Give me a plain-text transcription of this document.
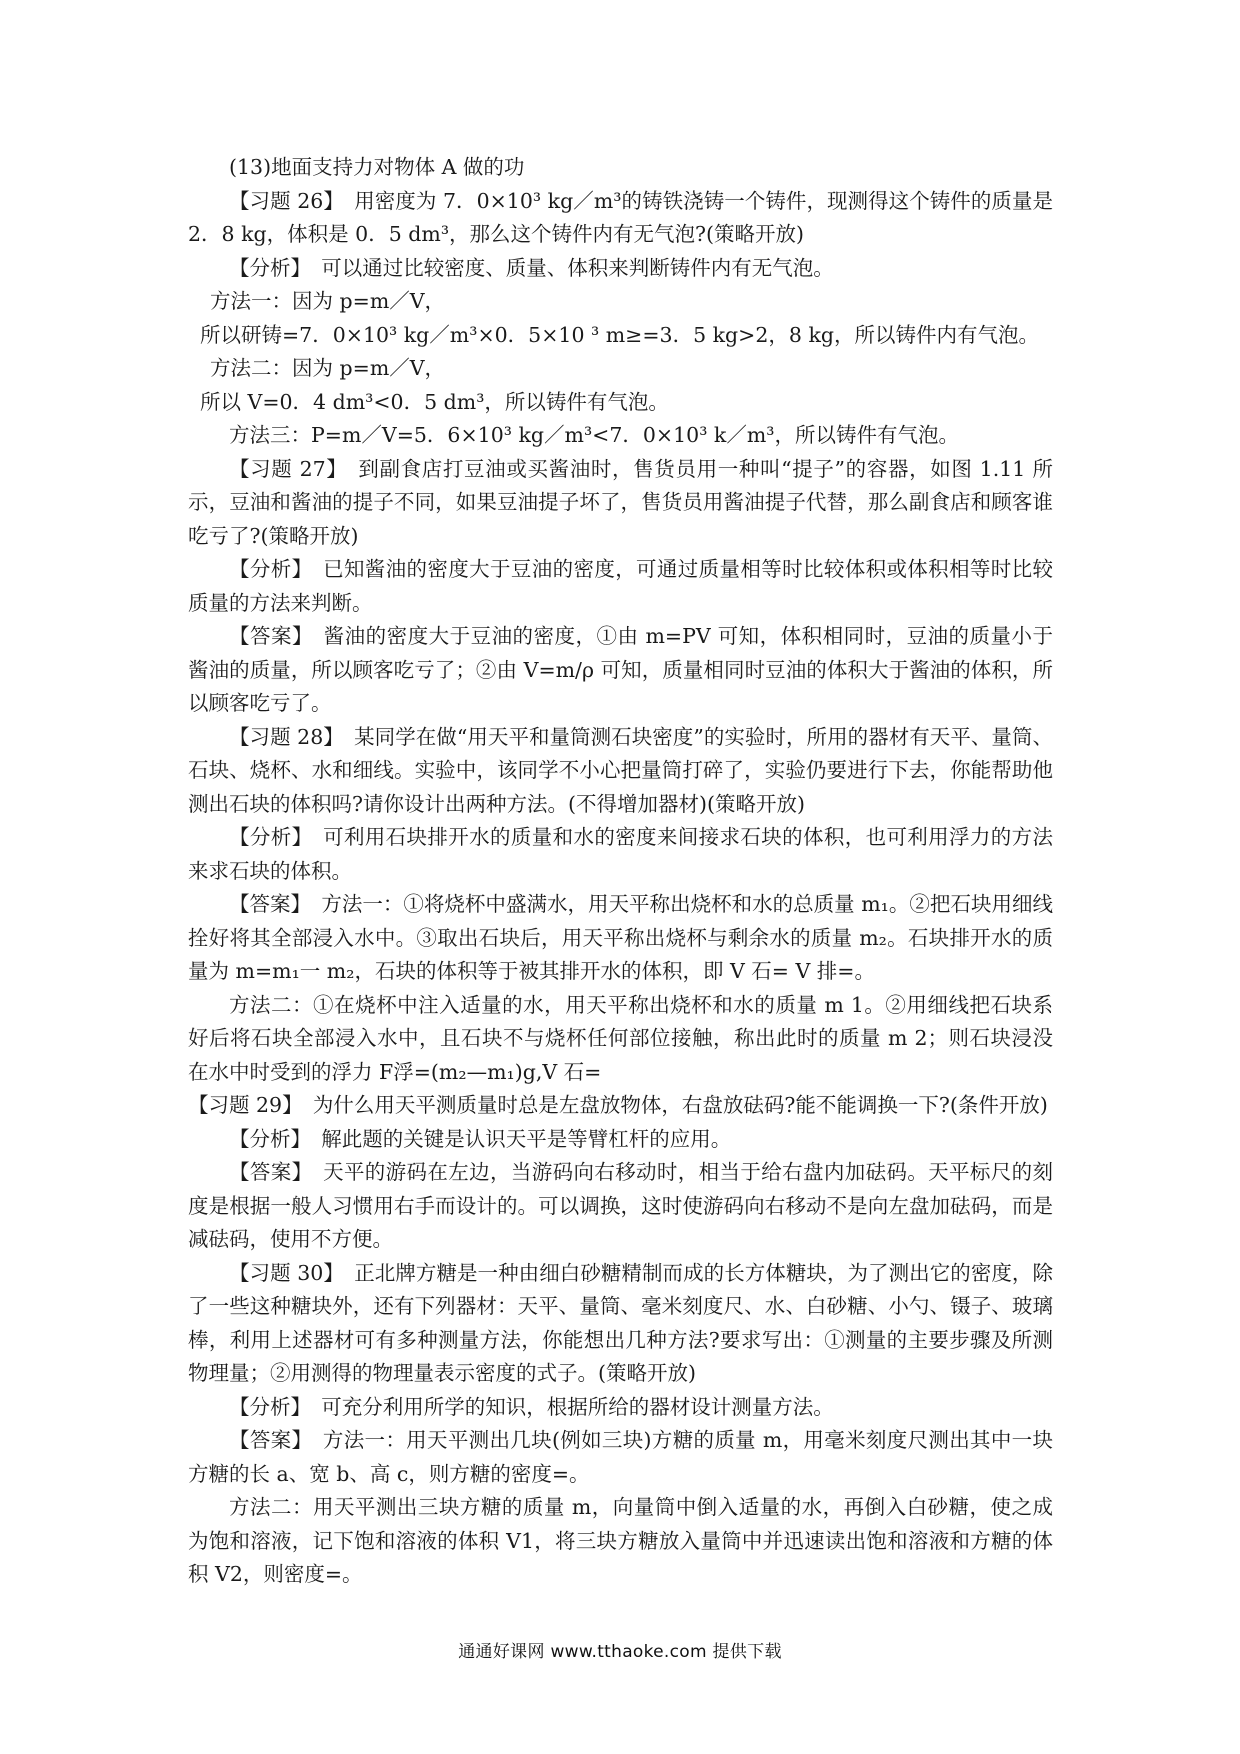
(13)地面支持力对物体 A 做的功

【习题 26】　用密度为 7．0×10³ kg／m³的铸铁浇铸一个铸件，现测得这个铸件的质量是 2．8 kg，体积是 0．5 dm³，那么这个铸件内有无气泡?(策略开放)

【分析】　可以通过比较密度、质量、体积来判断铸件内有无气泡。

方法一：因为 p=m／V，

所以研铸=7．0×10³ kg／m³×0．5×10 ³ m≥=3．5 kg>2，8 kg，所以铸件内有气泡。

方法二：因为 p=m／V，

所以 V=0．4 dm³<0．5 dm³，所以铸件有气泡。

方法三：P=m／V=5．6×10³ kg／m³<7．0×10³ k／m³，所以铸件有气泡。

【习题 27】　到副食店打豆油或买酱油时，售货员用一种叫“提子”的容器，如图 1.11 所示，豆油和酱油的提子不同，如果豆油提子坏了，售货员用酱油提子代替，那么副食店和顾客谁吃亏了?(策略开放)

【分析】　已知酱油的密度大于豆油的密度，可通过质量相等时比较体积或体积相等时比较质量的方法来判断。

【答案】　酱油的密度大于豆油的密度，①由 m=PV 可知，体积相同时，豆油的质量小于酱油的质量，所以顾客吃亏了；②由 V=m/ρ 可知，质量相同时豆油的体积大于酱油的体积，所以顾客吃亏了。

【习题 28】　某同学在做“用天平和量筒测石块密度”的实验时，所用的器材有天平、量筒、石块、烧杯、水和细线。实验中，该同学不小心把量筒打碎了，实验仍要进行下去，你能帮助他测出石块的体积吗?请你设计出两种方法。(不得增加器材)(策略开放)

【分析】　可利用石块排开水的质量和水的密度来间接求石块的体积，也可利用浮力的方法来求石块的体积。

【答案】　方法一：①将烧杯中盛满水，用天平称出烧杯和水的总质量 m₁。②把石块用细线拴好将其全部浸入水中。③取出石块后，用天平称出烧杯与剩余水的质量 m₂。石块排开水的质量为 m=m₁一 m₂，石块的体积等于被其排开水的体积，即 V 石= V 排=。

方法二：①在烧杯中注入适量的水，用天平称出烧杯和水的质量 m 1。②用细线把石块系好后将石块全部浸入水中，且石块不与烧杯任何部位接触，称出此时的质量 m 2；则石块浸没在水中时受到的浮力 F浮=(m₂—m₁)g,V 石=

【习题 29】　为什么用天平测质量时总是左盘放物体，右盘放砝码?能不能调换一下?(条件开放)

【分析】　解此题的关键是认识天平是等臂杠杆的应用。

【答案】　天平的游码在左边，当游码向右移动时，相当于给右盘内加砝码。天平标尺的刻度是根据一般人习惯用右手而设计的。可以调换，这时使游码向右移动不是向左盘加砝码，而是减砝码，使用不方便。

【习题 30】　正北牌方糖是一种由细白砂糖精制而成的长方体糖块，为了测出它的密度，除了一些这种糖块外，还有下列器材：天平、量筒、毫米刻度尺、水、白砂糖、小勺、镊子、玻璃棒，利用上述器材可有多种测量方法，你能想出几种方法?要求写出：①测量的主要步骤及所测物理量；②用测得的物理量表示密度的式子。(策略开放)

【分析】　可充分利用所学的知识，根据所给的器材设计测量方法。

【答案】　方法一：用天平测出几块(例如三块)方糖的质量 m，用毫米刻度尺测出其中一块方糖的长 a、宽 b、高 c，则方糖的密度=。

方法二：用天平测出三块方糖的质量 m，向量筒中倒入适量的水，再倒入白砂糖，使之成为饱和溶液，记下饱和溶液的体积 V1，将三块方糖放入量筒中并迅速读出饱和溶液和方糖的体积 V2，则密度=。

通通好课网 www.tthaoke.com 提供下载
